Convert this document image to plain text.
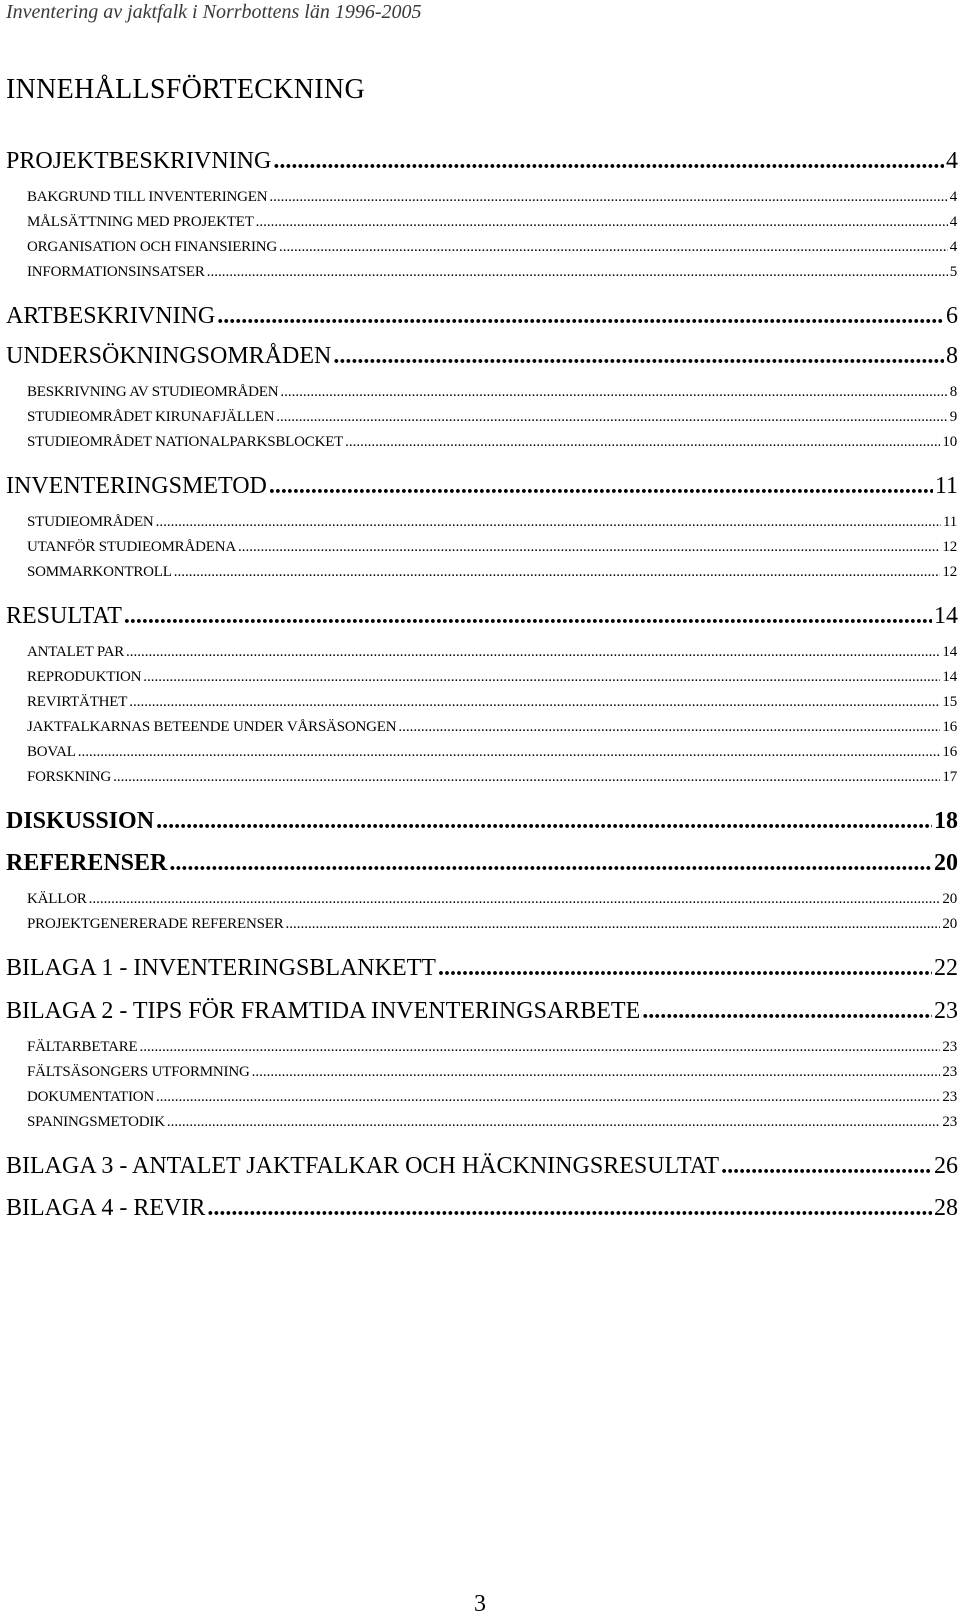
Inventering av jaktfalk i Norrbottens län 1996-2005
INNEHÅLLSFÖRTECKNING
PROJEKTBESKRIVNING .....	4
BAKGRUND TILL INVENTERINGEN .....	4
MÅLSÄTTNING MED PROJEKTET .....	4
ORGANISATION OCH FINANSIERING .....	4
INFORMATIONSINSATSER .....	5
ARTBESKRIVNING .....	6
UNDERSÖKNINGSOMRÅDEN .....	8
BESKRIVNING AV STUDIEOMRÅDEN .....	8
STUDIEOMRÅDET KIRUNAFJÄLLEN .....	9
STUDIEOMRÅDET NATIONALPARKSBLOCKET .....	10
INVENTERINGSMETOD .....	11
STUDIEOMRÅDEN .....	11
UTANFÖR STUDIEOMRÅDENA .....	12
SOMMARKONTROLL .....	12
RESULTAT .....	14
ANTALET PAR .....	14
REPRODUKTION .....	14
REVIRTÄTHET .....	15
JAKTFALKARNAS BETEENDE UNDER VÅRSÄSONGEN .....	16
BOVAL .....	16
FORSKNING .....	17
DISKUSSION .....	18
REFERENSER .....	20
KÄLLOR .....	20
PROJEKTGENERERADE REFERENSER .....	20
BILAGA 1 - INVENTERINGSBLANKETT .....	22
BILAGA 2 - TIPS FÖR FRAMTIDA INVENTERINGSARBETE .....	23
FÄLTARBETARE .....	23
FÄLTSÄSONGERS UTFORMNING .....	23
DOKUMENTATION .....	23
SPANINGSMETODIK .....	23
BILAGA 3 - ANTALET JAKTFALKAR OCH HÄCKNINGSRESULTAT .....	26
BILAGA 4 - REVIR .....	28
3
